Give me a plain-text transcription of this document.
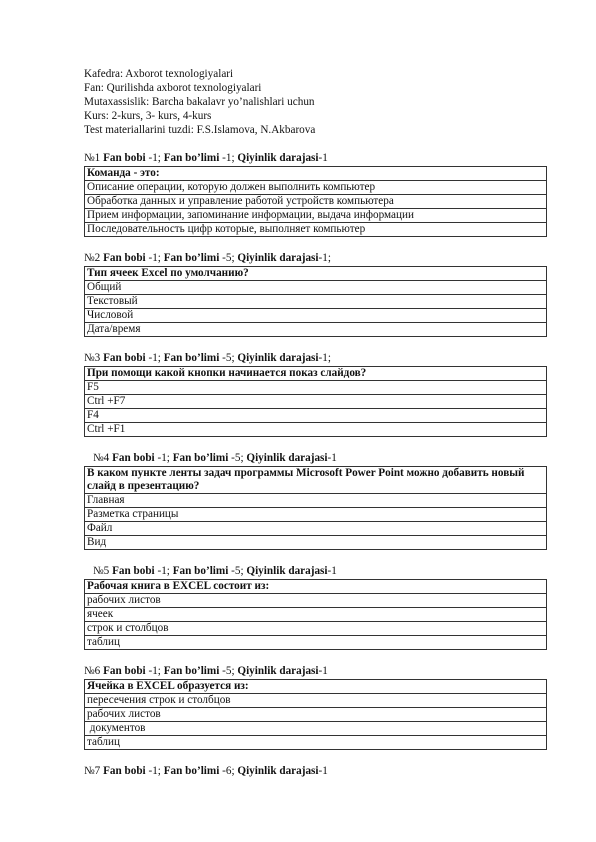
Kafedra: Axborot texnologiyalari
Fan: Qurilishda axborot texnologiyalari
Mutaxassislik: Barcha bakalavr yo’nalishlari uchun
Kurs: 2-kurs, 3- kurs, 4-kurs
Test materiallarini tuzdi: F.S.Islamova, N.Akbarova
№1 Fan bobi -1; Fan bo’limi -1; Qiyinlik darajasi-1
Команда - это:
Описание операции, которую должен выполнить компьютер
Обработка данных и управление работой устройств компьютера
Прием информации, запоминание информации, выдача информации
Последовательность цифр которые, выполняет компьютер
№2 Fan bobi -1; Fan bo’limi -5; Qiyinlik darajasi-1;
Тип ячеек Excel по умолчанию?
Общий
Текстовый
Числовой
Дата/время
№3 Fan bobi -1; Fan bo’limi -5; Qiyinlik darajasi-1;
При помощи какой кнопки начинается показ слайдов?
F5
Ctrl +F7
F4
Ctrl +F1
№4 Fan bobi -1; Fan bo’limi -5; Qiyinlik darajasi-1
В каком пункте ленты задач программы Microsoft Power Point можно добавить новый слайд в презентацию?
Главная
Разметка страницы
Файл
Вид
№5 Fan bobi -1; Fan bo’limi -5; Qiyinlik darajasi-1
Рабочая книга в EXCEL состоит из:
рабочих листов
ячеек
строк и столбцов
таблиц
№6 Fan bobi -1; Fan bo’limi -5; Qiyinlik darajasi-1
Ячейка в EXCEL образуется из:
пересечения строк и столбцов
рабочих листов
документов
таблиц
№7 Fan bobi -1; Fan bo’limi -6; Qiyinlik darajasi-1
